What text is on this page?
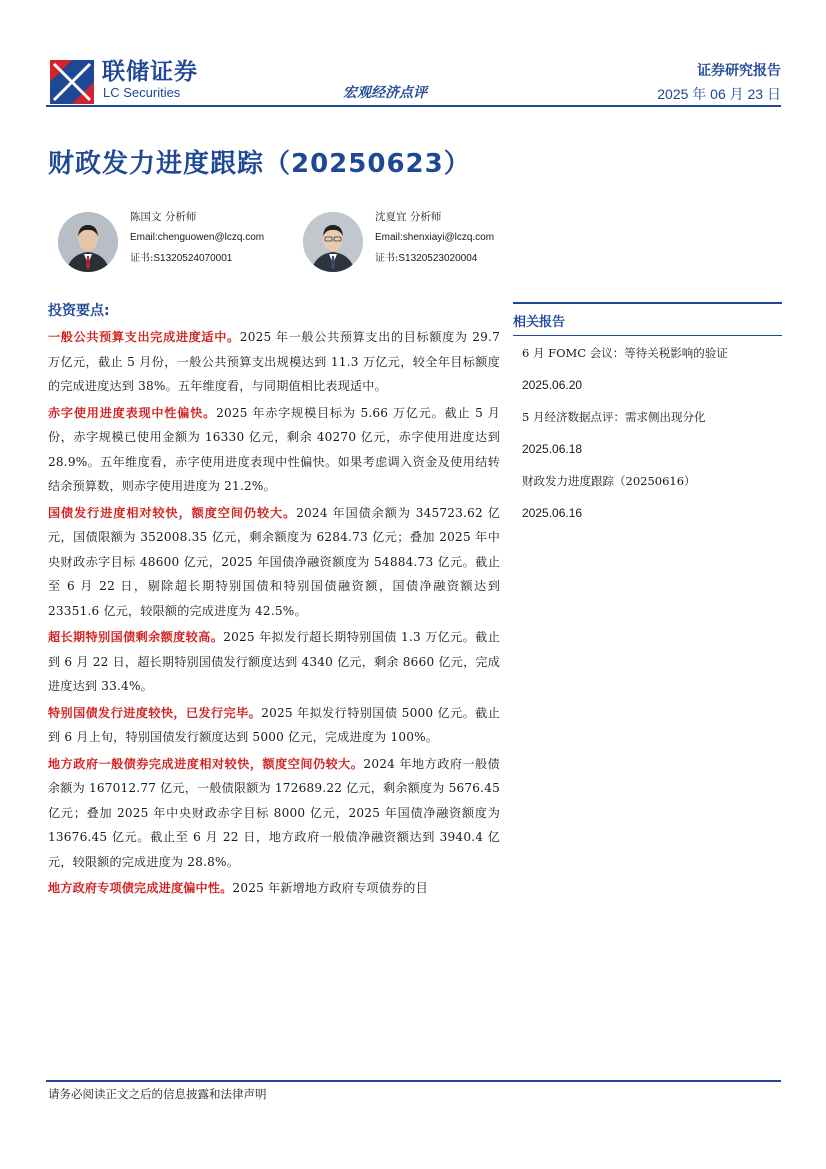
联储证券
LC Securities
证券研究报告
宏观经济点评	2025 年 06 月 23 日
财政发力进度跟踪（20250623）
陈国文 分析师
Email:chenguowen@lczq.com
证书:S1320524070001
沈夏宜 分析师
Email:shenxiayi@lczq.com
证书:S1320523020004
投资要点:

一般公共预算支出完成进度适中。2025 年一般公共预算支出的目标额度为 29.7 万亿元，截止 5 月份，一般公共预算支出规模达到 11.3 万亿元，较全年目标额度的完成进度达到 38%。五年维度看，与同期值相比表现适中。

赤字使用进度表现中性偏快。2025 年赤字规模目标为 5.66 万亿元。截止 5 月份，赤字规模已使用金额为 16330 亿元，剩余 40270 亿元，赤字使用进度达到 28.9%。五年维度看，赤字使用进度表现中性偏快。如果考虑调入资金及使用结转结余预算数，则赤字使用进度为 21.2%。

国债发行进度相对较快，额度空间仍较大。2024 年国债余额为 345723.62 亿元，国债限额为 352008.35 亿元，剩余额度为 6284.73 亿元；叠加 2025 年中央财政赤字目标 48600 亿元，2025 年国债净融资额度为 54884.73 亿元。截止至 6 月 22 日，剔除超长期特别国债和特别国债融资额，国债净融资额达到 23351.6 亿元，较限额的完成进度为 42.5%。

超长期特别国债剩余额度较高。2025 年拟发行超长期特别国债 1.3 万亿元。截止到 6 月 22 日，超长期特别国债发行额度达到 4340 亿元，剩余 8660 亿元，完成进度达到 33.4%。

特别国债发行进度较快，已发行完毕。2025 年拟发行特别国债 5000 亿元。截止到 6 月上旬，特别国债发行额度达到 5000 亿元，完成进度为 100%。

地方政府一般债券完成进度相对较快，额度空间仍较大。2024 年地方政府一般债余额为 167012.77 亿元，一般债限额为 172689.22 亿元，剩余额度为 5676.45 亿元；叠加 2025 年中央财政赤字目标 8000 亿元，2025 年国债净融资额度为 13676.45 亿元。截止至 6 月 22 日，地方政府一般债净融资额达到 3940.4 亿元，较限额的完成进度为 28.8%。

地方政府专项债完成进度偏中性。2025 年新增地方政府专项债券的目

相关报告
6 月 FOMC 会议：等待关税影响的验证
2025.06.20
5 月经济数据点评：需求侧出现分化
2025.06.18
财政发力进度跟踪（20250616）
2025.06.16
请务必阅读正文之后的信息披露和法律声明
